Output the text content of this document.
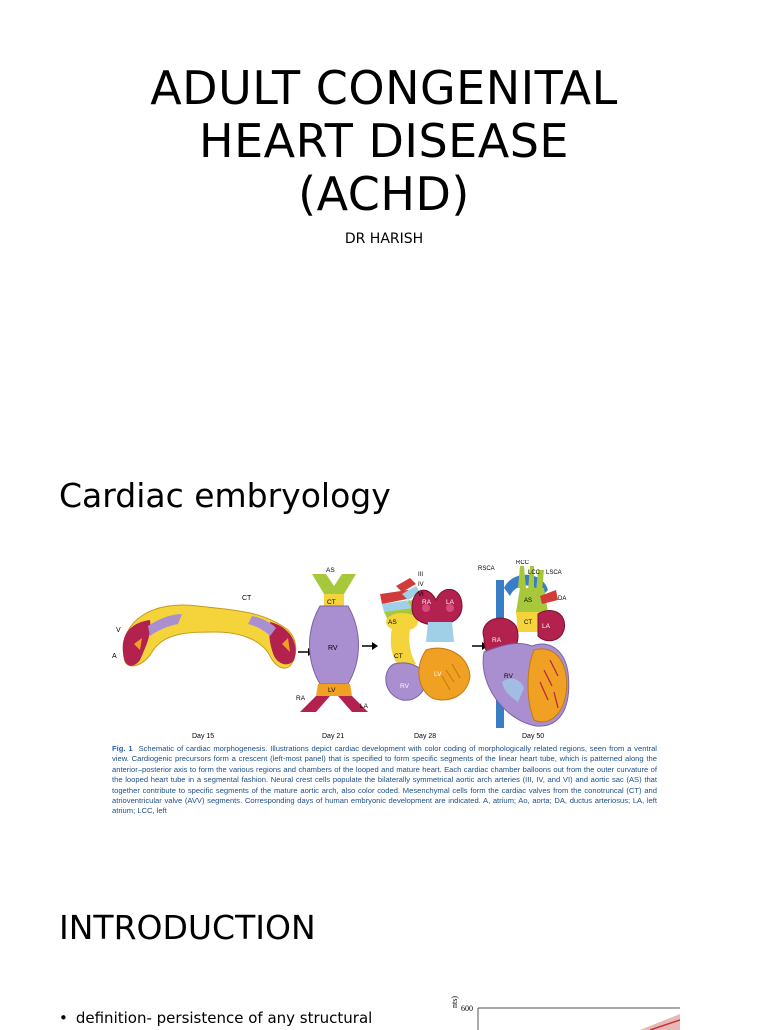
ADULT CONGENITAL
HEART DISEASE
(ACHD)
DR HARISH
Cardiac embryology
CT
V
A
AS
CT
RV
LV
RA
LA
III
IV
VI
AS
RA LA
CT
RV
LV
RSCA
RCC
LCC LSCA
DA
AS
CT
RA
LA
RV
Day 15	Day 21	Day 28	Day 50
Fig. 1 Schematic of cardiac morphogenesis. Illustrations depict cardiac development with color coding of morphologically related regions, seen from a ventral view. Cardiogenic precursors form a crescent (left-most panel) that is specified to form specific segments of the linear heart tube, which is patterned along the anterior–posterior axis to form the various regions and chambers of the looped and mature heart. Each cardiac chamber balloons out from the outer curvature of the looped heart tube in a segmental fashion. Neural crest cells populate the bilaterally symmetrical aortic arch arteries (III, IV, and VI) and aortic sac (AS) that together contribute to specific segments of the mature aortic arch, also color coded. Mesenchymal cells form the cardiac valves from the conotruncal (CT) and atrioventricular valve (AVV) segments. Corresponding days of human embryonic development are indicated. A, atrium; Ao, aorta; DA, ductus arteriosus; LA, left atrium; LCC, left
INTRODUCTION
• definition- persistence of any structural
nts)
600
